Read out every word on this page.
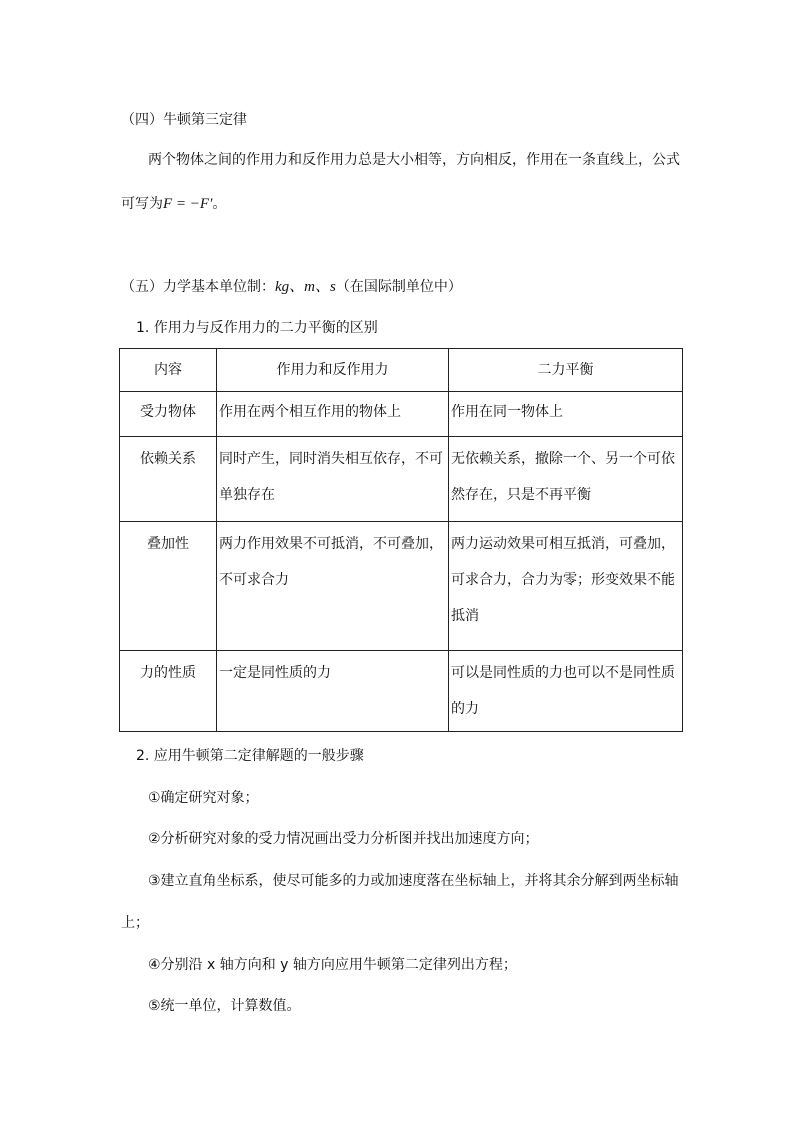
（四）牛顿第三定律
两个物体之间的作用力和反作用力总是大小相等，方向相反，作用在一条直线上，公式
可写为F = −F′。
（五）力学基本单位制：kg、m、s（在国际制单位中）
1. 作用力与反作用力的二力平衡的区别
内容	作用力和反作用力	二力平衡
受力物体	作用在两个相互作用的物体上	作用在同一物体上
依赖关系	同时产生，同时消失相互依存，不可单独存在	无依赖关系，撤除一个、另一个可依然存在，只是不再平衡
叠加性	两力作用效果不可抵消，不可叠加，不可求合力	两力运动效果可相互抵消，可叠加，可求合力，合力为零；形变效果不能抵消
力的性质	一定是同性质的力	可以是同性质的力也可以不是同性质的力
2. 应用牛顿第二定律解题的一般步骤
①确定研究对象；
②分析研究对象的受力情况画出受力分析图并找出加速度方向；
③建立直角坐标系，使尽可能多的力或加速度落在坐标轴上，并将其余分解到两坐标轴
上；
④分别沿 x 轴方向和 y 轴方向应用牛顿第二定律列出方程；
⑤统一单位，计算数值。
